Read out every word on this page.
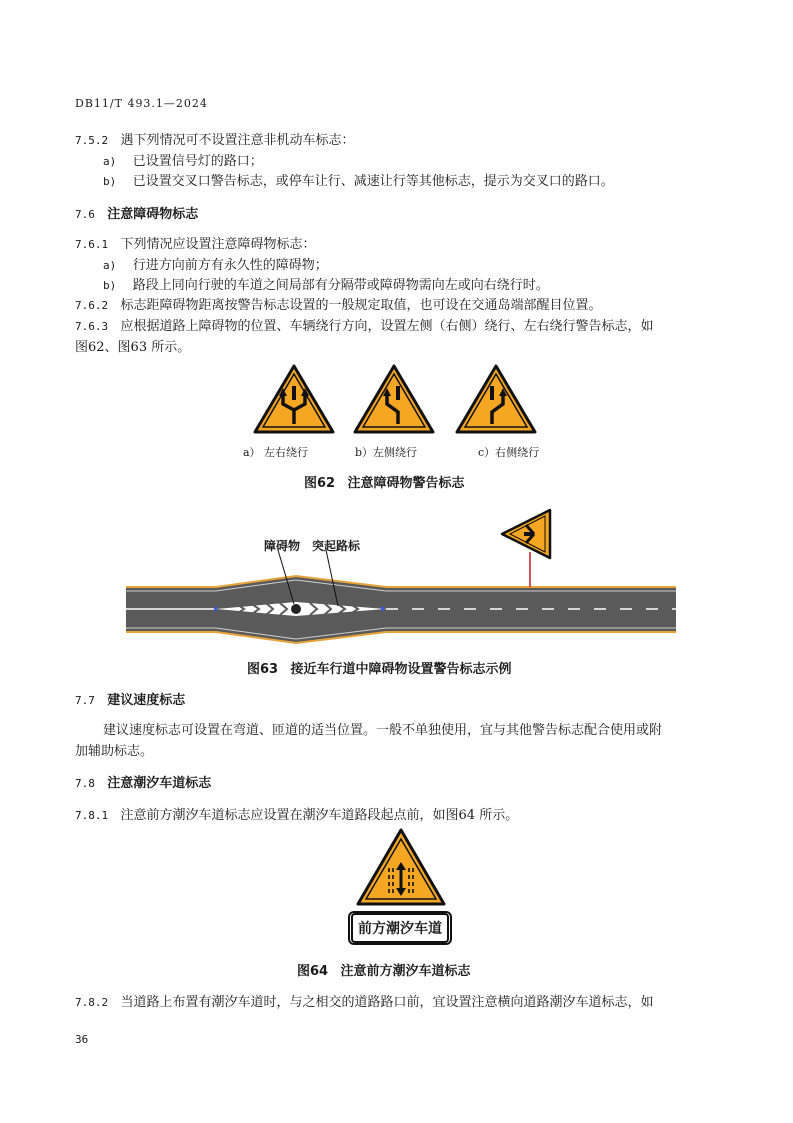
DB11/T 493.1—2024
7.5.2 遇下列情况可不设置注意非机动车标志：
a) 已设置信号灯的路口；
b) 已设置交叉口警告标志，或停车让行、减速让行等其他标志，提示为交叉口的路口。
7.6 注意障碍物标志
7.6.1 下列情况应设置注意障碍物标志：
a) 行进方向前方有永久性的障碍物；
b) 路段上同向行驶的车道之间局部有分隔带或障碍物需向左或向右绕行时。
7.6.2 标志距障碍物距离按警告标志设置的一般规定取值，也可设在交通岛端部醒目位置。
7.6.3 应根据道路上障碍物的位置、车辆绕行方向，设置左侧（右侧）绕行、左右绕行警告标志，如
图62、图63 所示。
a） 左右绕行	b）左侧绕行	c）右侧绕行
图62 注意障碍物警告标志
障碍物 突起路标
图63 接近车行道中障碍物设置警告标志示例
7.7 建议速度标志
建议速度标志可设置在弯道、匝道的适当位置。一般不单独使用，宜与其他警告标志配合使用或附
加辅助标志。
7.8 注意潮汐车道标志
7.8.1 注意前方潮汐车道标志应设置在潮汐车道路段起点前，如图64 所示。
前方潮汐车道
图64 注意前方潮汐车道标志
7.8.2 当道路上布置有潮汐车道时，与之相交的道路路口前，宜设置注意横向道路潮汐车道标志，如
36
